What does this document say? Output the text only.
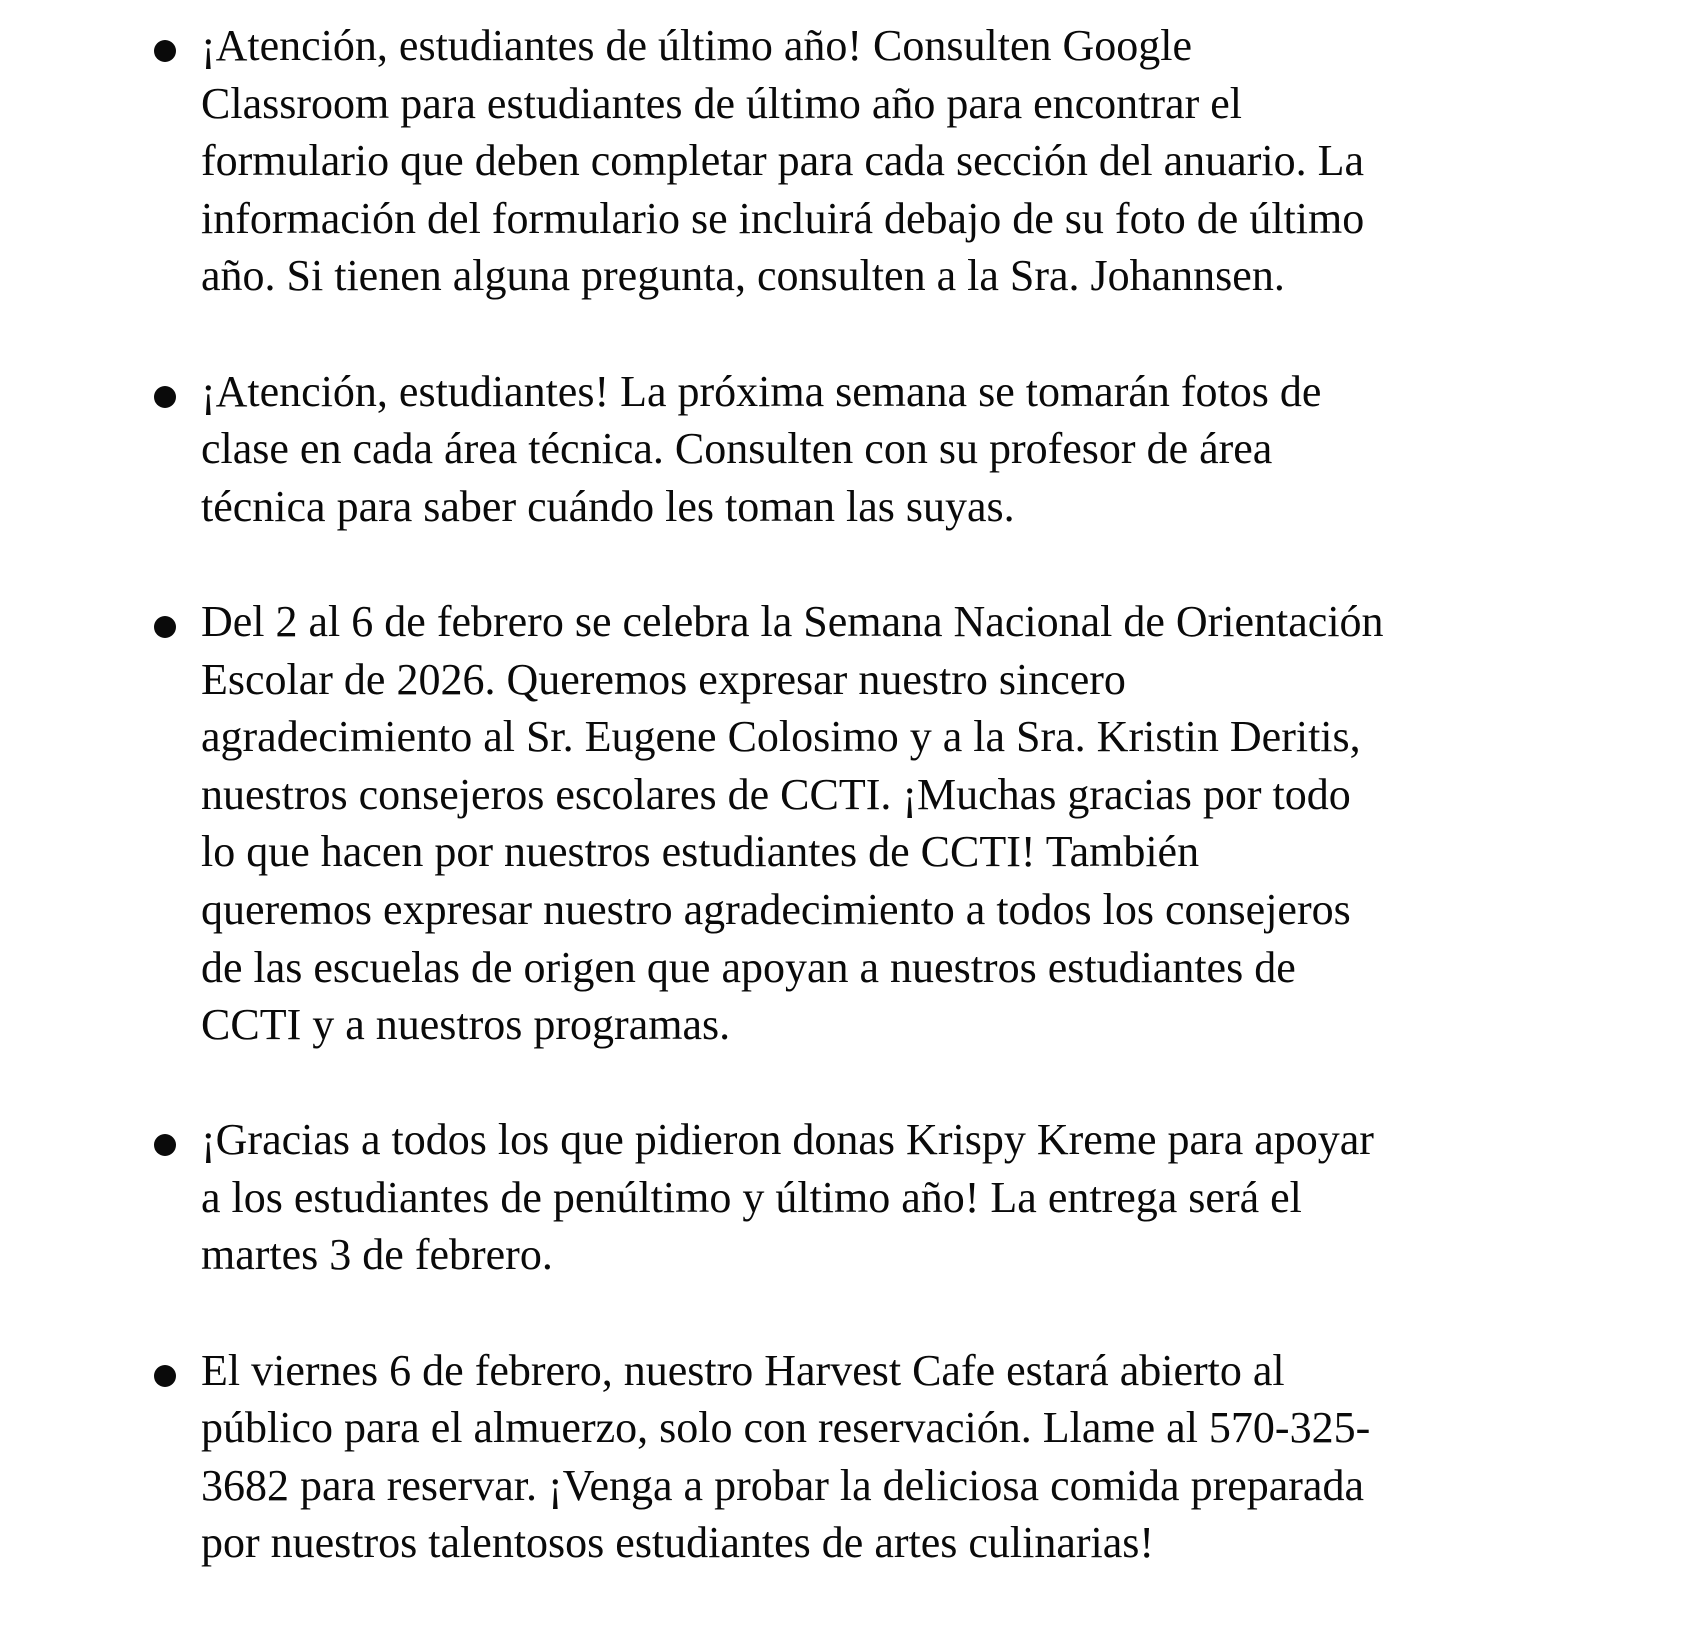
¡Atención, estudiantes de último año! Consulten Google
Classroom para estudiantes de último año para encontrar el
formulario que deben completar para cada sección del anuario. La
información del formulario se incluirá debajo de su foto de último
año. Si tienen alguna pregunta, consulten a la Sra. Johannsen.
¡Atención, estudiantes! La próxima semana se tomarán fotos de
clase en cada área técnica. Consulten con su profesor de área
técnica para saber cuándo les toman las suyas.
Del 2 al 6 de febrero se celebra la Semana Nacional de Orientación
Escolar de 2026. Queremos expresar nuestro sincero
agradecimiento al Sr. Eugene Colosimo y a la Sra. Kristin Deritis,
nuestros consejeros escolares de CCTI. ¡Muchas gracias por todo
lo que hacen por nuestros estudiantes de CCTI! También
queremos expresar nuestro agradecimiento a todos los consejeros
de las escuelas de origen que apoyan a nuestros estudiantes de
CCTI y a nuestros programas.
¡Gracias a todos los que pidieron donas Krispy Kreme para apoyar
a los estudiantes de penúltimo y último año! La entrega será el
martes 3 de febrero.
El viernes 6 de febrero, nuestro Harvest Cafe estará abierto al
público para el almuerzo, solo con reservación. Llame al 570-325-
3682 para reservar. ¡Venga a probar la deliciosa comida preparada
por nuestros talentosos estudiantes de artes culinarias!
